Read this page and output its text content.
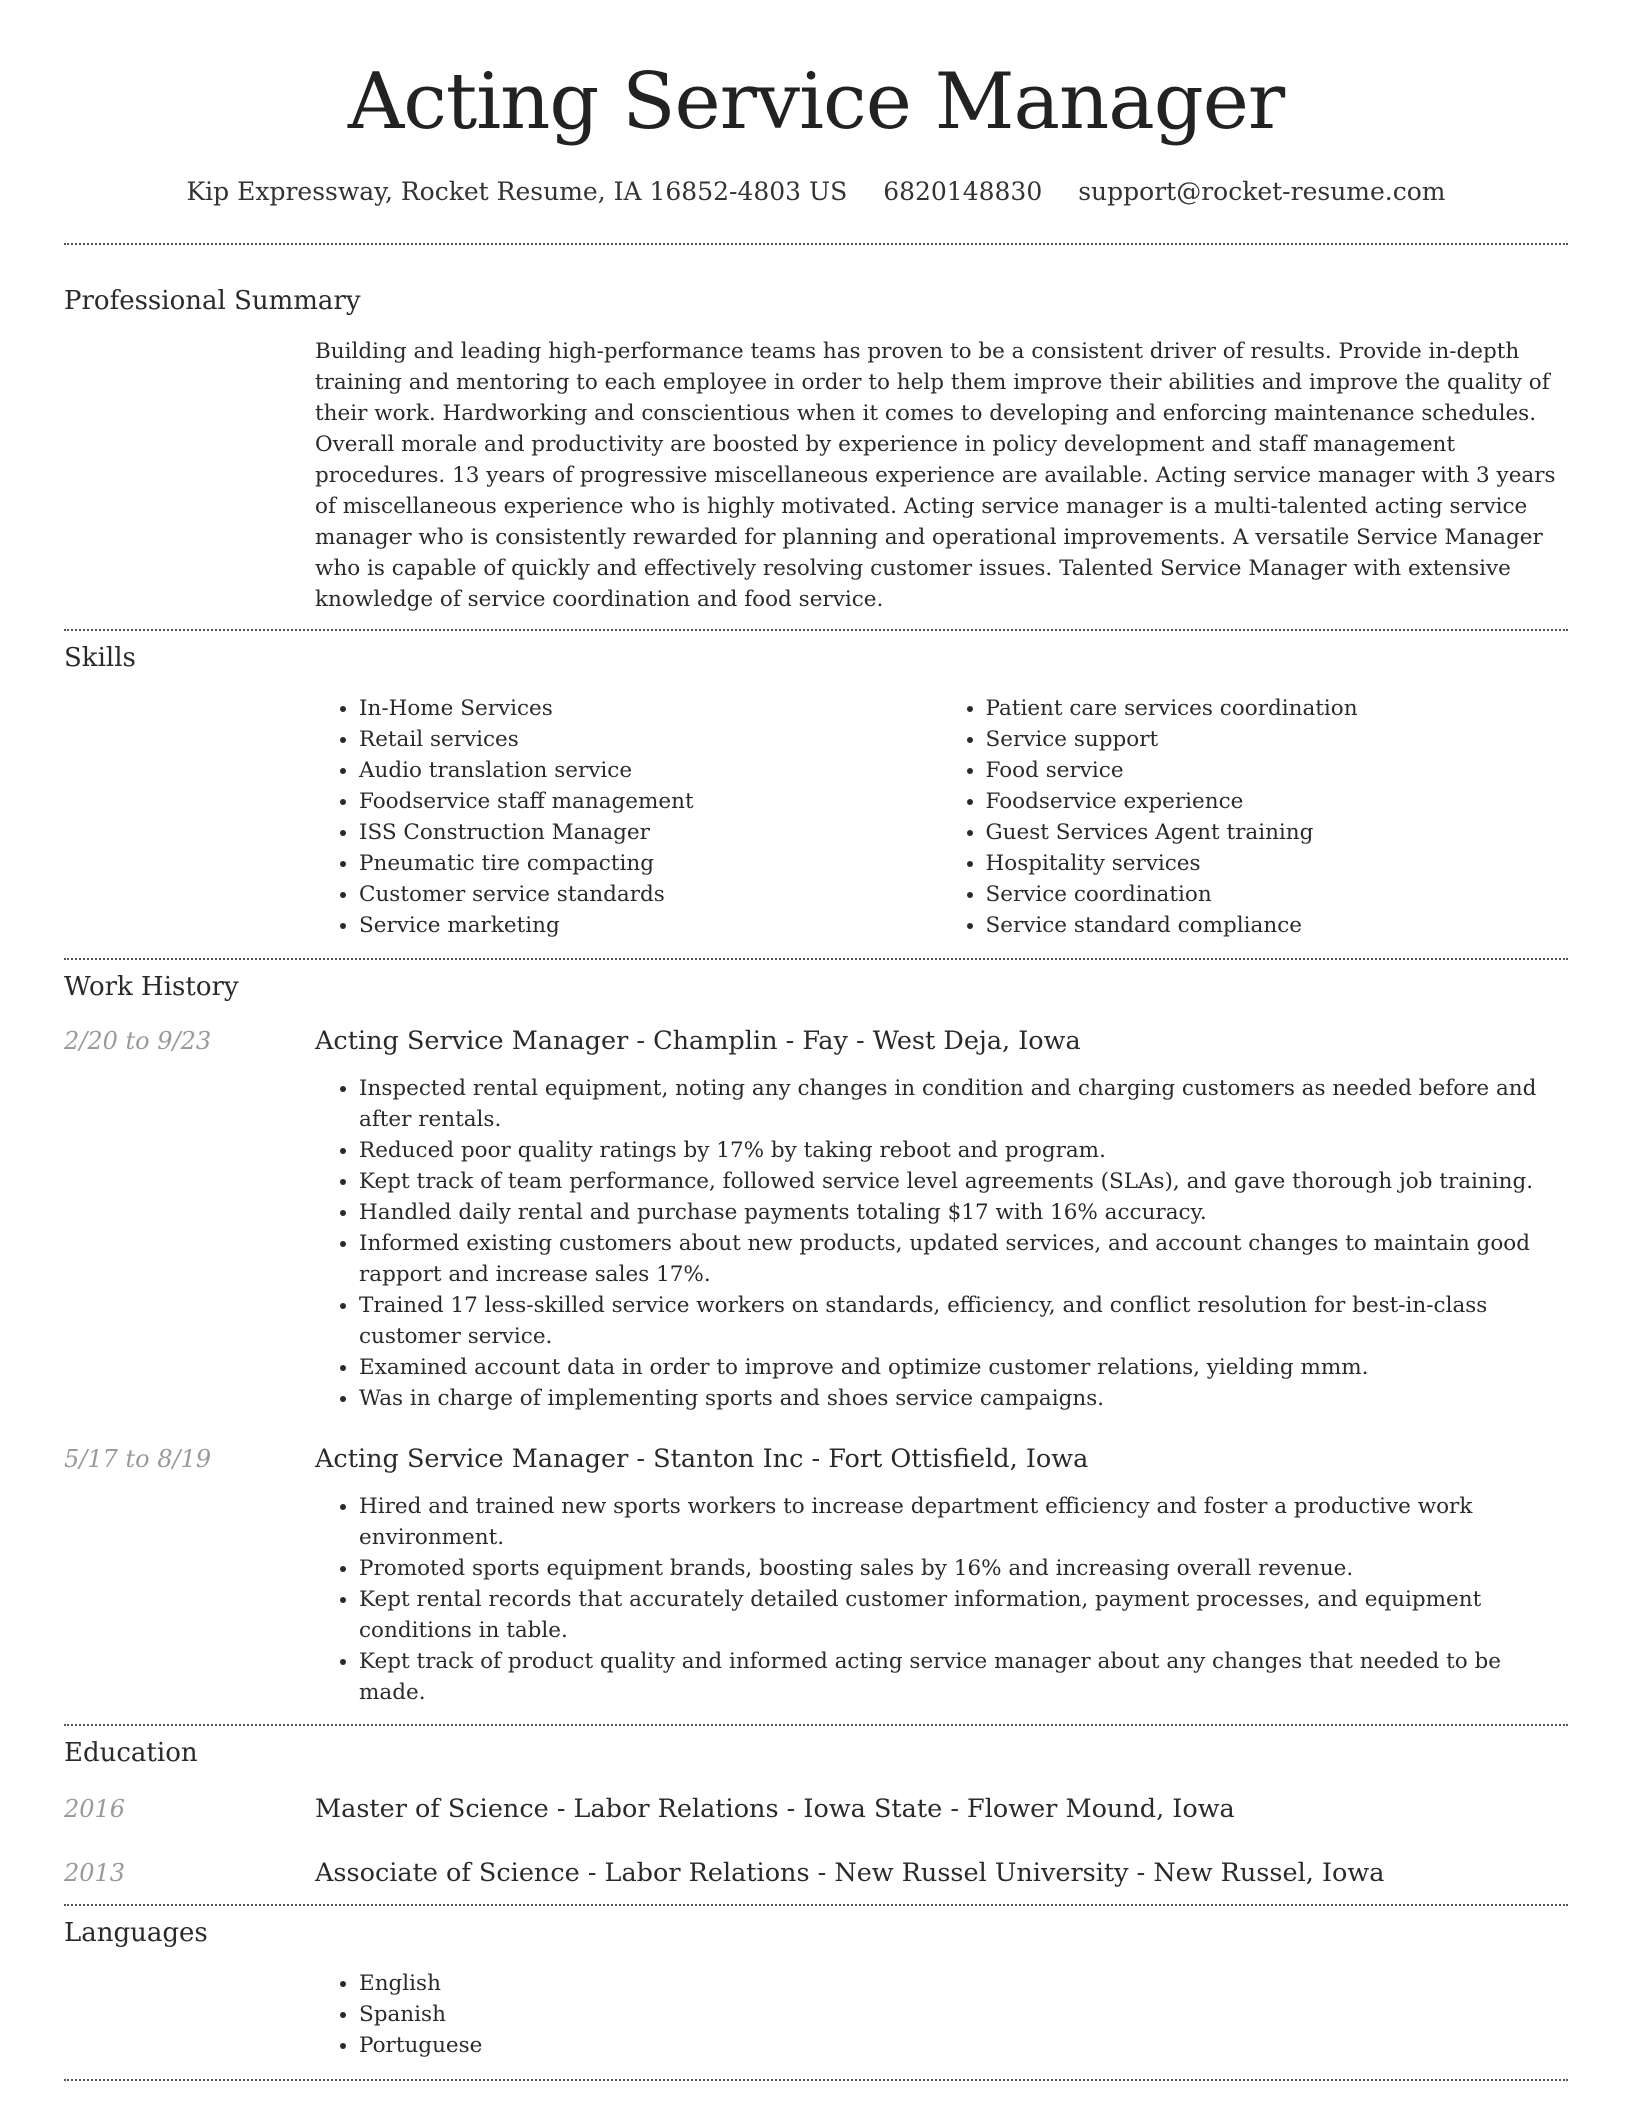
Acting Service Manager
Kip Expressway, Rocket Resume, IA 16852-4803 US 6820148830 support@rocket-resume.com
Professional Summary

Building and leading high-performance teams has proven to be a consistent driver of results. Provide in-depth training and mentoring to each employee in order to help them improve their abilities and improve the quality of their work. Hardworking and conscientious when it comes to developing and enforcing maintenance schedules. Overall morale and productivity are boosted by experience in policy development and staff management procedures. 13 years of progressive miscellaneous experience are available. Acting service manager with 3 years of miscellaneous experience who is highly motivated. Acting service manager is a multi-talented acting service manager who is consistently rewarded for planning and operational improvements. A versatile Service Manager who is capable of quickly and effectively resolving customer issues. Talented Service Manager with extensive knowledge of service coordination and food service.

Skills
• In-Home Services
• Retail services
• Audio translation service
• Foodservice staff management
• ISS Construction Manager
• Pneumatic tire compacting
• Customer service standards
• Service marketing
• Patient care services coordination
• Service support
• Food service
• Foodservice experience
• Guest Services Agent training
• Hospitality services
• Service coordination
• Service standard compliance
Work History
2/20 to 9/23	Acting Service Manager - Champlin - Fay - West Deja, Iowa
• Inspected rental equipment, noting any changes in condition and charging customers as needed before and after rentals.
• Reduced poor quality ratings by 17% by taking reboot and program.
• Kept track of team performance, followed service level agreements (SLAs), and gave thorough job training.
• Handled daily rental and purchase payments totaling $17 with 16% accuracy.
• Informed existing customers about new products, updated services, and account changes to maintain good rapport and increase sales 17%.
• Trained 17 less-skilled service workers on standards, efficiency, and conflict resolution for best-in-class customer service.
• Examined account data in order to improve and optimize customer relations, yielding mmm.
• Was in charge of implementing sports and shoes service campaigns.
5/17 to 8/19	Acting Service Manager - Stanton Inc - Fort Ottisfield, Iowa
• Hired and trained new sports workers to increase department efficiency and foster a productive work environment.
• Promoted sports equipment brands, boosting sales by 16% and increasing overall revenue.
• Kept rental records that accurately detailed customer information, payment processes, and equipment conditions in table.
• Kept track of product quality and informed acting service manager about any changes that needed to be made.
Education
2016	Master of Science - Labor Relations - Iowa State - Flower Mound, Iowa
2013	Associate of Science - Labor Relations - New Russel University - New Russel, Iowa
Languages
• English
• Spanish
• Portuguese
